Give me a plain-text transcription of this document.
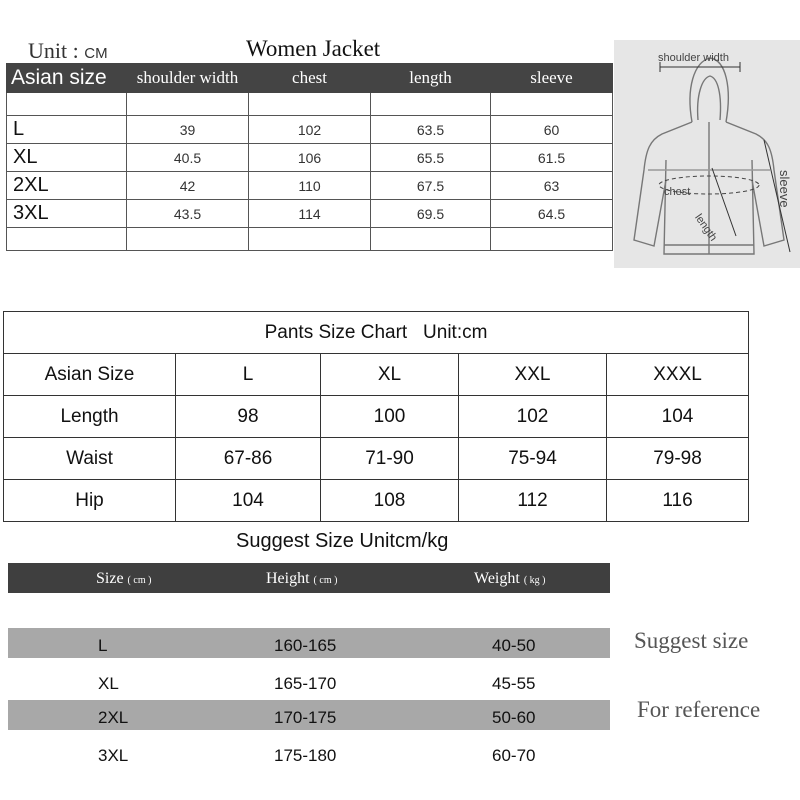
Unit : CM	Women Jacket
Asian size	shoulder width	chest	length	sleeve

L	39	102	63.5	60
XL	40.5	106	65.5	61.5
2XL	42	110	67.5	63
3XL	43.5	114	69.5	64.5

shoulder width
chest
length
sleeve
Pants Size Chart   Unit:cm				
Asian Size	L	XL	XXL	XXXL
Length	98	100	102	104
Waist	67-86	71-90	75-94	79-98
Hip	104	108	112	116
Suggest Size Unitcm/kg
Size ( cm )	Height ( cm )	Weight ( kg )
L	160-165	40-50
XL	165-170	45-55
2XL	170-175	50-60
3XL	175-180	60-70
Suggest size
For reference
